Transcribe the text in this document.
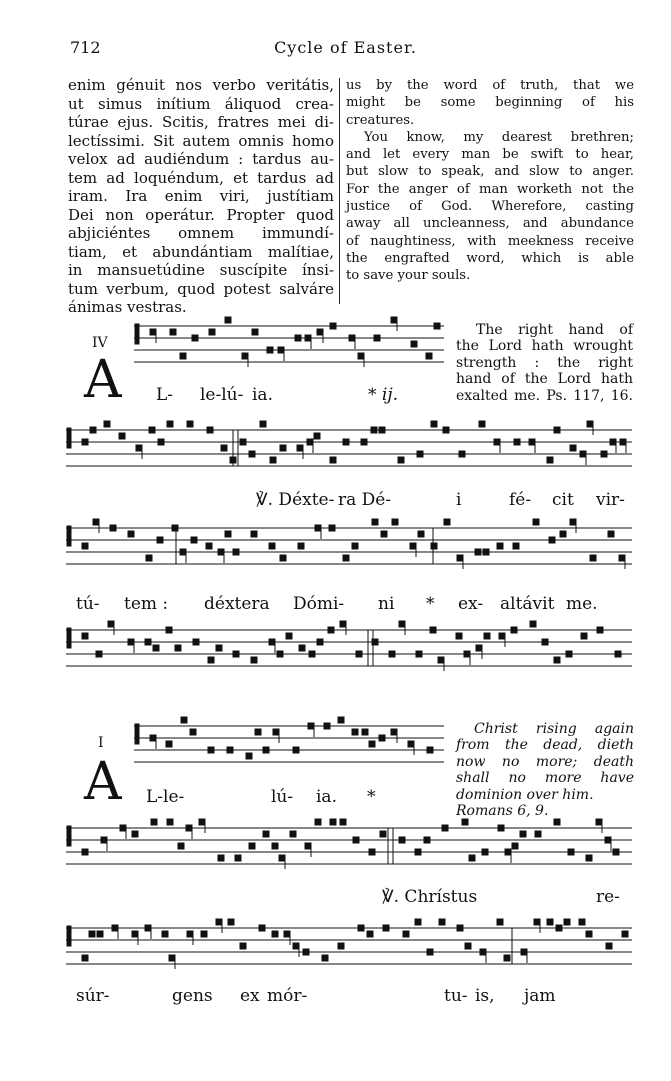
712	Cycle of Easter.
enim génuit nos verbo veritátis,
ut simus inítium áliquod crea-
túrae ejus. Scitis, fratres mei di-
lectíssimi. Sit autem omnis homo
velox ad audiéndum : tardus au-
tem ad loquéndum, et tardus ad
iram. Ira enim viri, justítiam
Dei non operátur. Propter quod
abjiciéntes omnem immundí-
tiam, et abundántiam malítiae,
in mansuetúdine suscípite ínsi-
tum verbum, quod potest salváre
ánimas vestras.
us by the word of truth, that we
might be some beginning of his
creatures.
You know, my dearest brethren;
and let every man be swift to hear,
but slow to speak, and slow to anger.
For the anger of man worketh not the
justice of God. Wherefore, casting
away all uncleanness, and abundance
of naughtiness, with meekness receive
the engrafted word, which is able
to save your souls.
IV
A L- le-lú- ia.	* ij.
The right hand of
the Lord hath wrought
strength : the right
hand of the Lord hath
exalted me. Ps. 117, 16.
℣. Déxte- ra Dé-	i	fé- cit vir-
tú- tem : déxtera Dómi- ni * ex- altávit me.
I
A L-le-	lú- ia. *
Christ rising again
from the dead, dieth
now no more; death
shall no more have
dominion over him.
Romans 6, 9.
℣. Chrístus	re-
súr-	gens ex mór-	tu- is, jam
